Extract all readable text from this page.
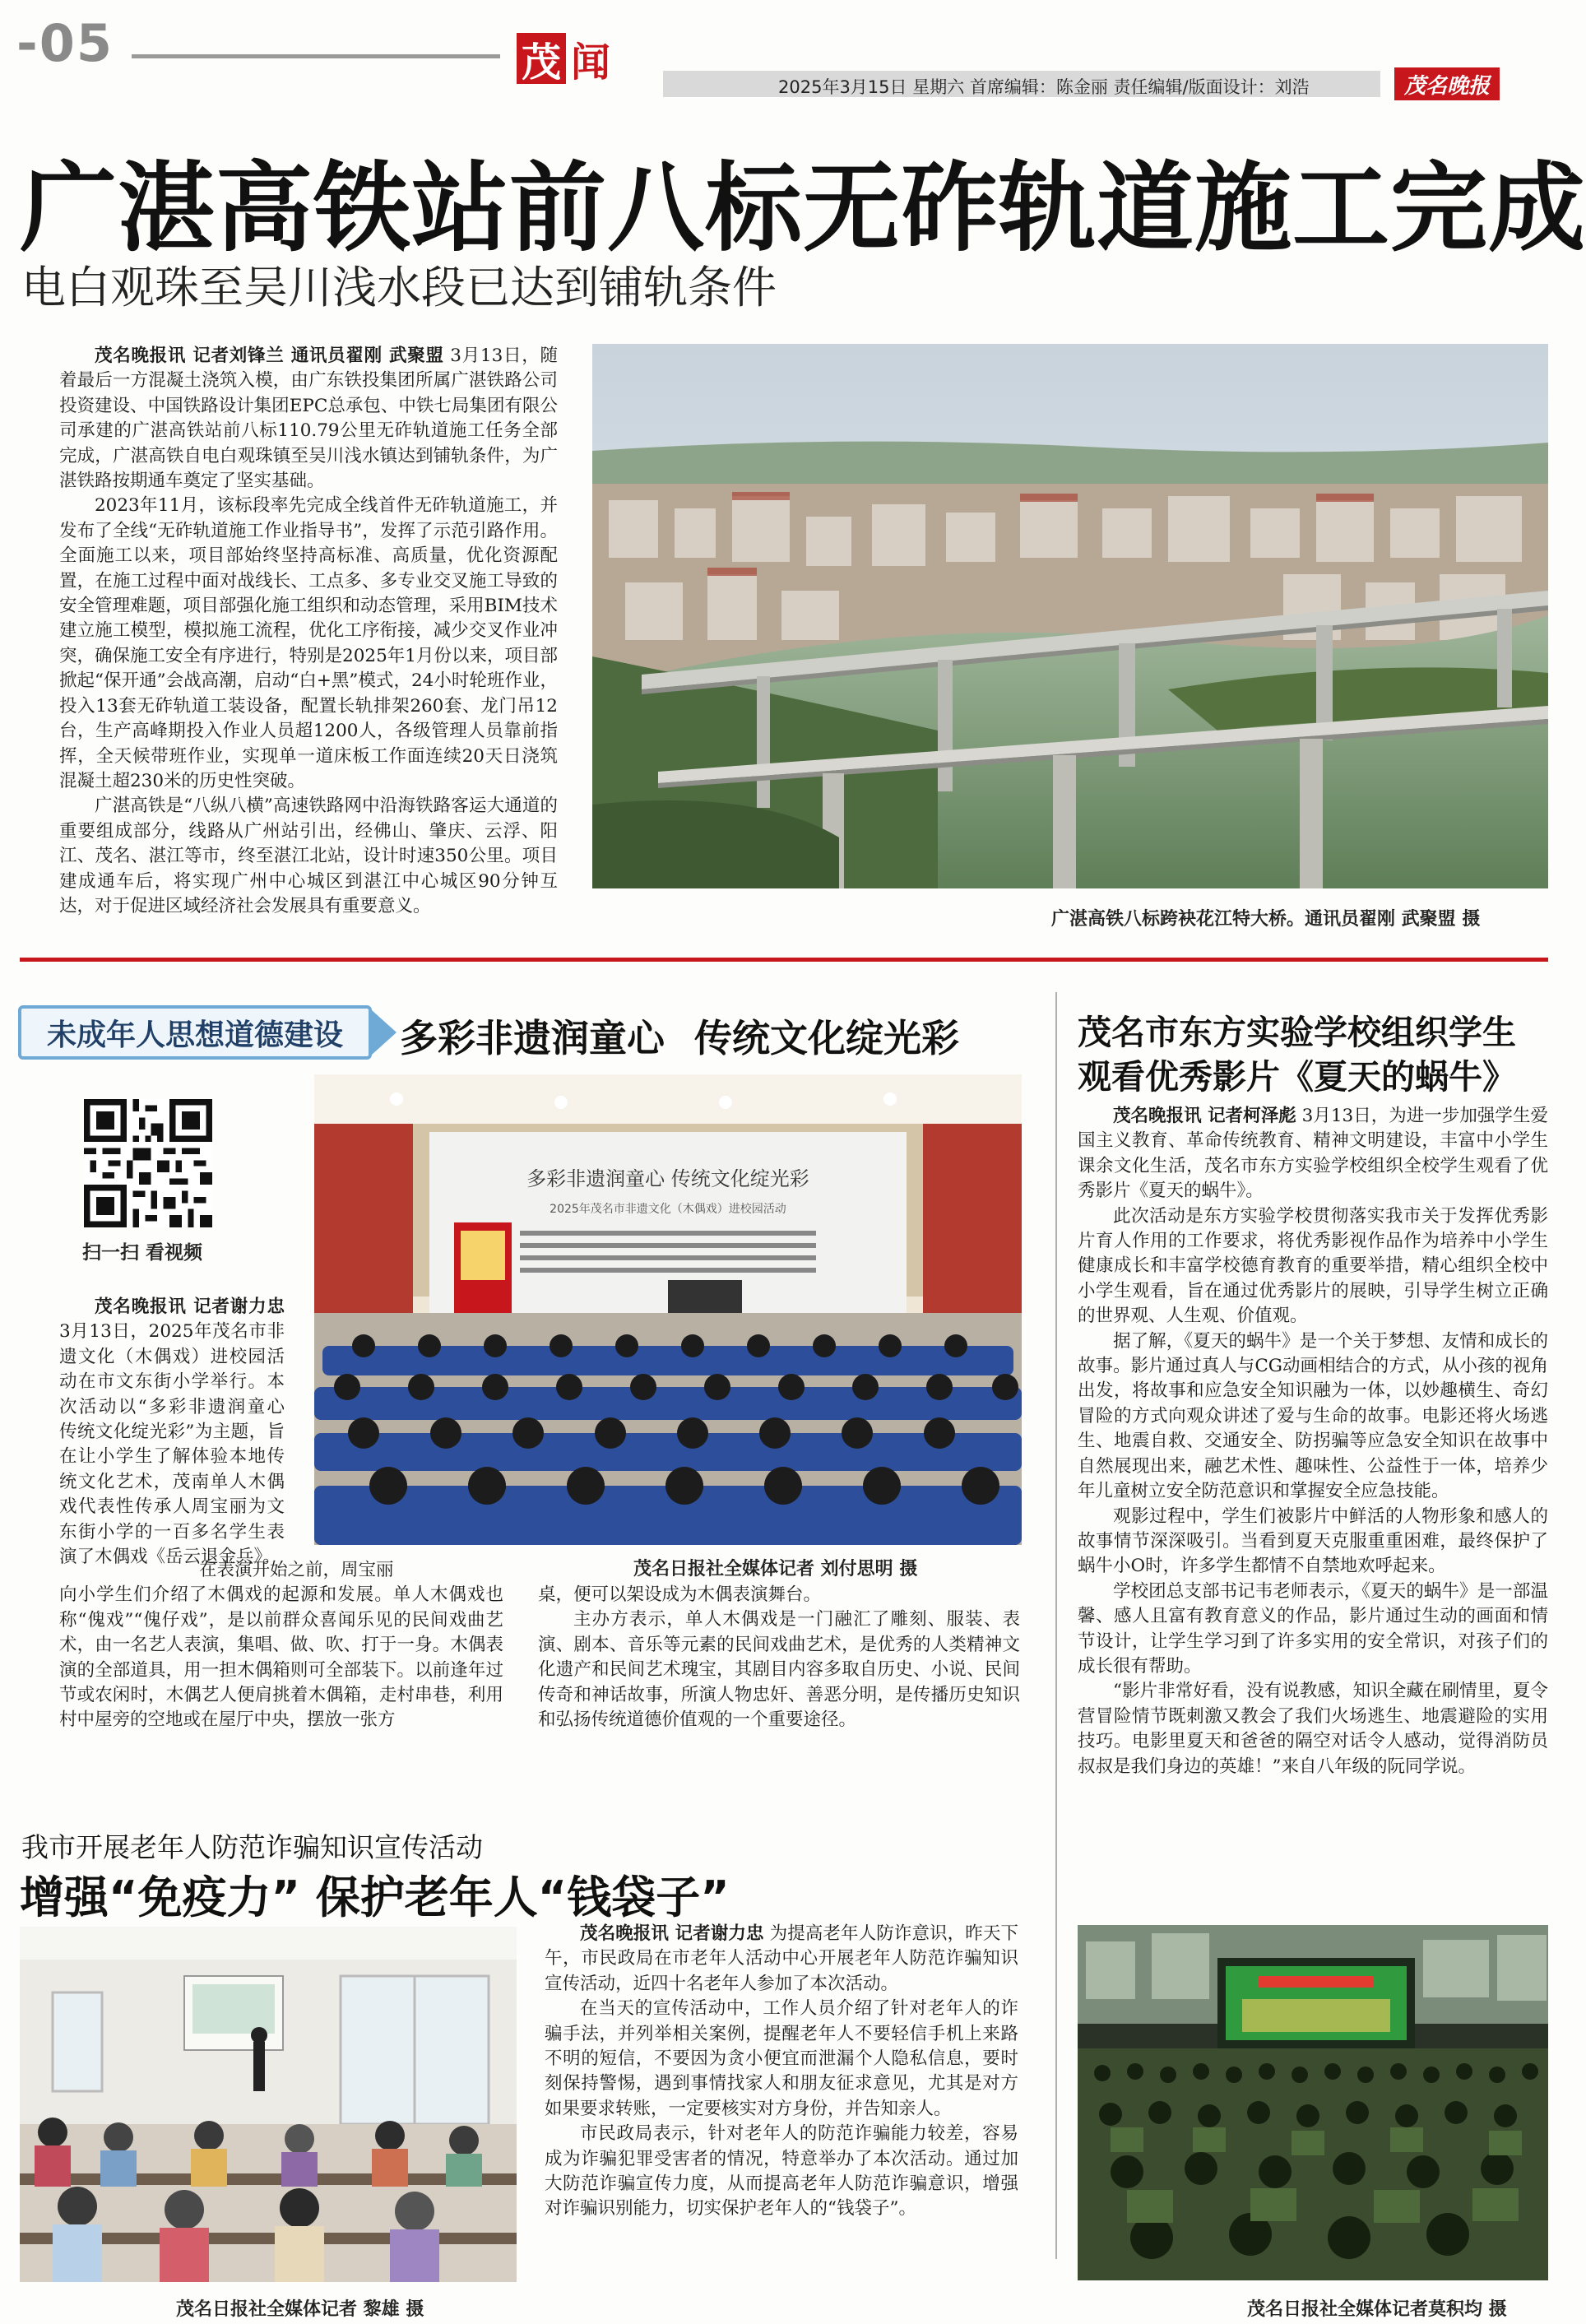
-05	茂 闻
2025年3月15日 星期六 首席编辑：陈金丽 责任编辑/版面设计：刘浩	茂名晚报
广湛高铁站前八标无砟轨道施工完成
电白观珠至吴川浅水段已达到铺轨条件

茂名晚报讯 记者刘锋兰 通讯员翟刚 武聚盟 3月13日，随着最后一方混凝土浇筑入模，由广东铁投集团所属广湛铁路公司投资建设、中国铁路设计集团EPC总承包、中铁七局集团有限公司承建的广湛高铁站前八标110.79公里无砟轨道施工任务全部完成，广湛高铁自电白观珠镇至吴川浅水镇达到铺轨条件，为广湛铁路按期通车奠定了坚实基础。

2023年11月，该标段率先完成全线首件无砟轨道施工，并发布了全线“无砟轨道施工作业指导书”，发挥了示范引路作用。全面施工以来，项目部始终坚持高标准、高质量，优化资源配置，在施工过程中面对战线长、工点多、多专业交叉施工导致的安全管理难题，项目部强化施工组织和动态管理，采用BIM技术建立施工模型，模拟施工流程，优化工序衔接，减少交叉作业冲突，确保施工安全有序进行，特别是2025年1月份以来，项目部掀起“保开通”会战高潮，启动“白+黑”模式，24小时轮班作业，投入13套无砟轨道工装设备，配置长轨排架260套、龙门吊12台，生产高峰期投入作业人员超1200人，各级管理人员靠前指挥，全天候带班作业，实现单一道床板工作面连续20天日浇筑混凝土超230米的历史性突破。

广湛高铁是“八纵八横”高速铁路网中沿海铁路客运大通道的重要组成部分，线路从广州站引出，经佛山、肇庆、云浮、阳江、茂名、湛江等市，终至湛江北站，设计时速350公里。项目建成通车后，将实现广州中心城区到湛江中心城区90分钟互达，对于促进区域经济社会发展具有重要意义。

广湛高铁八标跨袂花江特大桥。通讯员翟刚 武聚盟 摄
未成年人思想道德建设 多彩非遗润童心 传统文化绽光彩
扫一扫 看视频

茂名晚报讯 记者谢力忠 3月13日，2025年茂名市非遗文化（木偶戏）进校园活动在市文东街小学举行。本次活动以“多彩非遗润童心 传统文化绽光彩”为主题，旨在让小学生了解体验本地传统文化艺术，茂南单人木偶戏代表性传承人周宝丽为文东街小学的一百多名学生表演了木偶戏《岳云退金兵》。

在表演开始之前，周宝丽

向小学生们介绍了木偶戏的起源和发展。单人木偶戏也称“傀戏”“傀仔戏”，是以前群众喜闻乐见的民间戏曲艺术，由一名艺人表演，集唱、做、吹、打于一身。木偶表演的全部道具，用一担木偶箱则可全部装下。以前逢年过节或农闲时，木偶艺人便肩挑着木偶箱，走村串巷，利用村中屋旁的空地或在屋厅中央，摆放一张方

桌，便可以架设成为木偶表演舞台。

主办方表示，单人木偶戏是一门融汇了雕刻、服装、表演、剧本、音乐等元素的民间戏曲艺术，是优秀的人类精神文化遗产和民间艺术瑰宝，其剧目内容多取自历史、小说、民间传奇和神话故事，所演人物忠奸、善恶分明，是传播历史知识和弘扬传统道德价值观的一个重要途径。

多彩非遗润童心 传统文化绽光彩
2025年茂名市非遗文化（木偶戏）进校园活动
茂名日报社全媒体记者 刘付思明 摄
我市开展老年人防范诈骗知识宣传活动
增强“免疫力” 保护老年人“钱袋子”
茂名日报社全媒体记者 黎雄 摄

茂名晚报讯 记者谢力忠 为提高老年人防诈意识，昨天下午，市民政局在市老年人活动中心开展老年人防范诈骗知识宣传活动，近四十名老年人参加了本次活动。

在当天的宣传活动中，工作人员介绍了针对老年人的诈骗手法，并列举相关案例，提醒老年人不要轻信手机上来路不明的短信，不要因为贪小便宜而泄漏个人隐私信息，要时刻保持警惕，遇到事情找家人和朋友征求意见，尤其是对方如果要求转账，一定要核实对方身份，并告知亲人。

市民政局表示，针对老年人的防范诈骗能力较差，容易成为诈骗犯罪受害者的情况，特意举办了本次活动。通过加大防范诈骗宣传力度，从而提高老年人防范诈骗意识，增强对诈骗识别能力，切实保护老年人的“钱袋子”。

茂名市东方实验学校组织学生
观看优秀影片《夏天的蜗牛》

茂名晚报讯 记者柯泽彪 3月13日，为进一步加强学生爱国主义教育、革命传统教育、精神文明建设，丰富中小学生课余文化生活，茂名市东方实验学校组织全校学生观看了优秀影片《夏天的蜗牛》。

此次活动是东方实验学校贯彻落实我市关于发挥优秀影片育人作用的工作要求，将优秀影视作品作为培养中小学生健康成长和丰富学校德育教育的重要举措，精心组织全校中小学生观看，旨在通过优秀影片的展映，引导学生树立正确的世界观、人生观、价值观。

据了解，《夏天的蜗牛》是一个关于梦想、友情和成长的故事。影片通过真人与CG动画相结合的方式，从小孩的视角出发，将故事和应急安全知识融为一体，以妙趣横生、奇幻冒险的方式向观众讲述了爱与生命的故事。电影还将火场逃生、地震自救、交通安全、防拐骗等应急安全知识在故事中自然展现出来，融艺术性、趣味性、公益性于一体，培养少年儿童树立安全防范意识和掌握安全应急技能。

观影过程中，学生们被影片中鲜活的人物形象和感人的故事情节深深吸引。当看到夏天克服重重困难，最终保护了蜗牛小O时，许多学生都情不自禁地欢呼起来。

学校团总支部书记韦老师表示，《夏天的蜗牛》是一部温馨、感人且富有教育意义的作品，影片通过生动的画面和情节设计，让学生学习到了许多实用的安全常识，对孩子们的成长很有帮助。

“影片非常好看，没有说教感，知识全藏在刷情里，夏令营冒险情节既刺激又教会了我们火场逃生、地震避险的实用技巧。电影里夏天和爸爸的隔空对话令人感动，觉得消防员叔叔是我们身边的英雄！”来自八年级的阮同学说。

茂名日报社全媒体记者莫积均 摄
